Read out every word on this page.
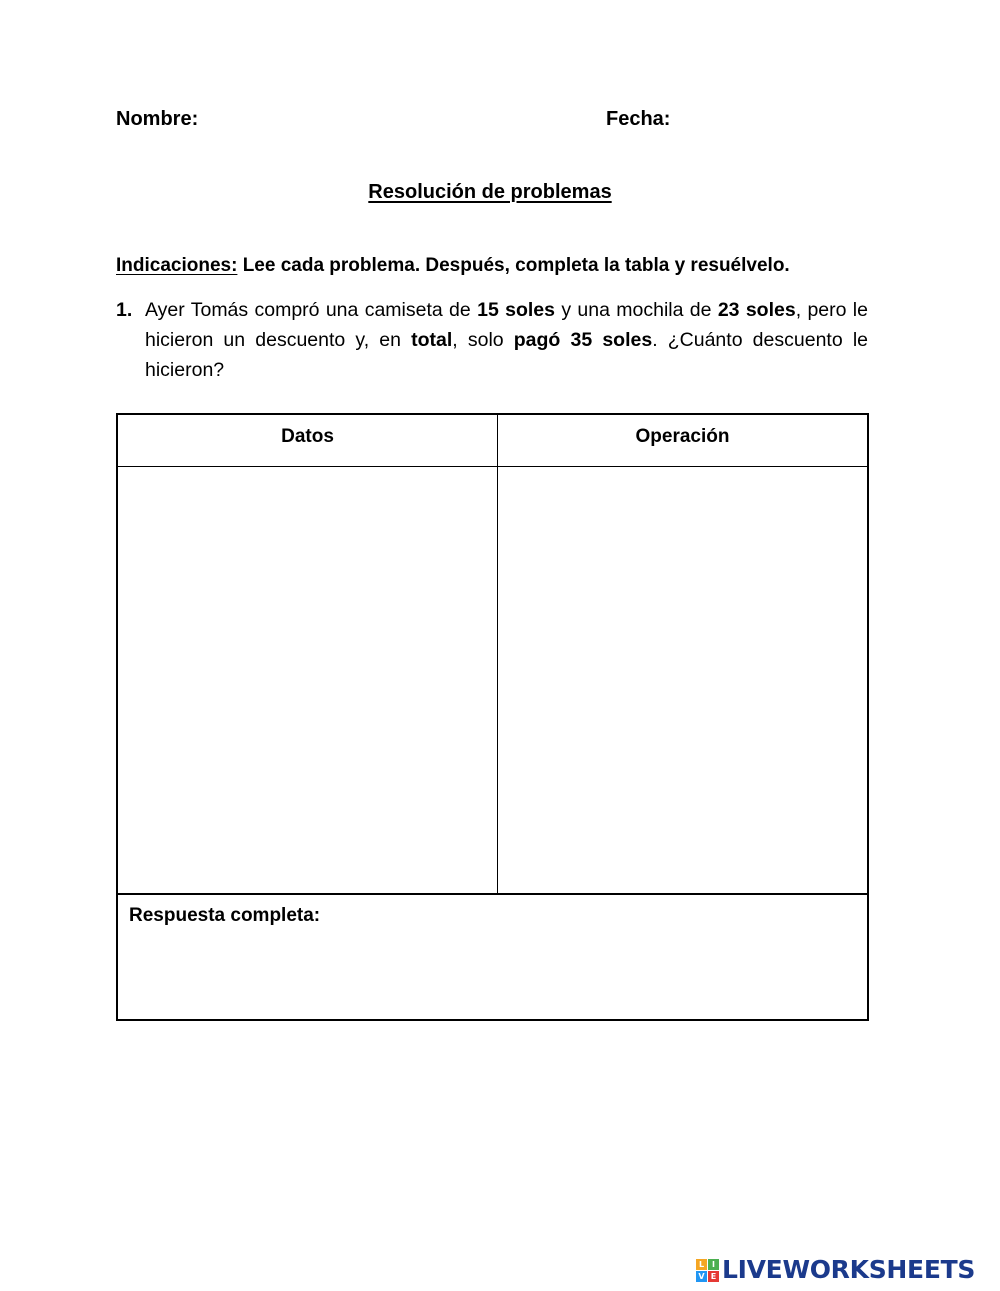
Nombre:	Fecha:
Resolución de problemas
Indicaciones: Lee cada problema. Después, completa la tabla y resuélvelo.
1. Ayer Tomás compró una camiseta de 15 soles y una mochila de 23 soles, pero le hicieron un descuento y, en total, solo pagó 35 soles. ¿Cuánto descuento le hicieron?
Datos	Operación
Respuesta completa:
L I
V E LIVEWORKSHEETS
